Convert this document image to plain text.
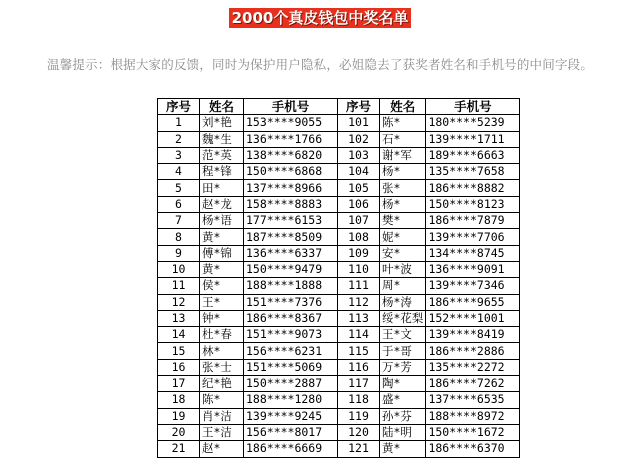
2000个真皮钱包中奖名单
温馨提示：根据大家的反馈，同时为保护用户隐私，必姐隐去了获奖者姓名和手机号的中间字段。
序号	姓名	手机号	序号	姓名	手机号
1	刘*艳	153****9055	101	陈*	180****5239
2	魏*生	136****1766	102	石*	139****1711
3	范*英	138****6820	103	谢*军	189****6663
4	程*锋	150****6868	104	杨*	135****7658
5	田*	137****8966	105	张*	186****8882
6	赵*龙	158****8883	106	杨*	150****8123
7	杨*语	177****6153	107	樊*	186****7879
8	黄*	187****8509	108	妮*	139****7706
9	傅*锦	136****6337	109	安*	134****8745
10	黄*	150****9479	110	叶*波	136****9091
11	侯*	188****1888	111	周*	139****7346
12	王*	151****7376	112	杨*涛	186****9655
13	钟*	186****8367	113	绥*花梨	152****1001
14	杜*春	151****9073	114	王*文	139****8419
15	林*	156****6231	115	于*哥	186****2886
16	张*士	151****5069	116	万*芳	135****2272
17	纪*艳	150****2887	117	陶*	186****7262
18	陈*	188****1280	118	盛*	137****6535
19	肖*洁	139****9245	119	孙*芬	188****8972
20	王*洁	156****8017	120	陆*明	150****1672
21	赵*	186****6669	121	黄*	186****6370
